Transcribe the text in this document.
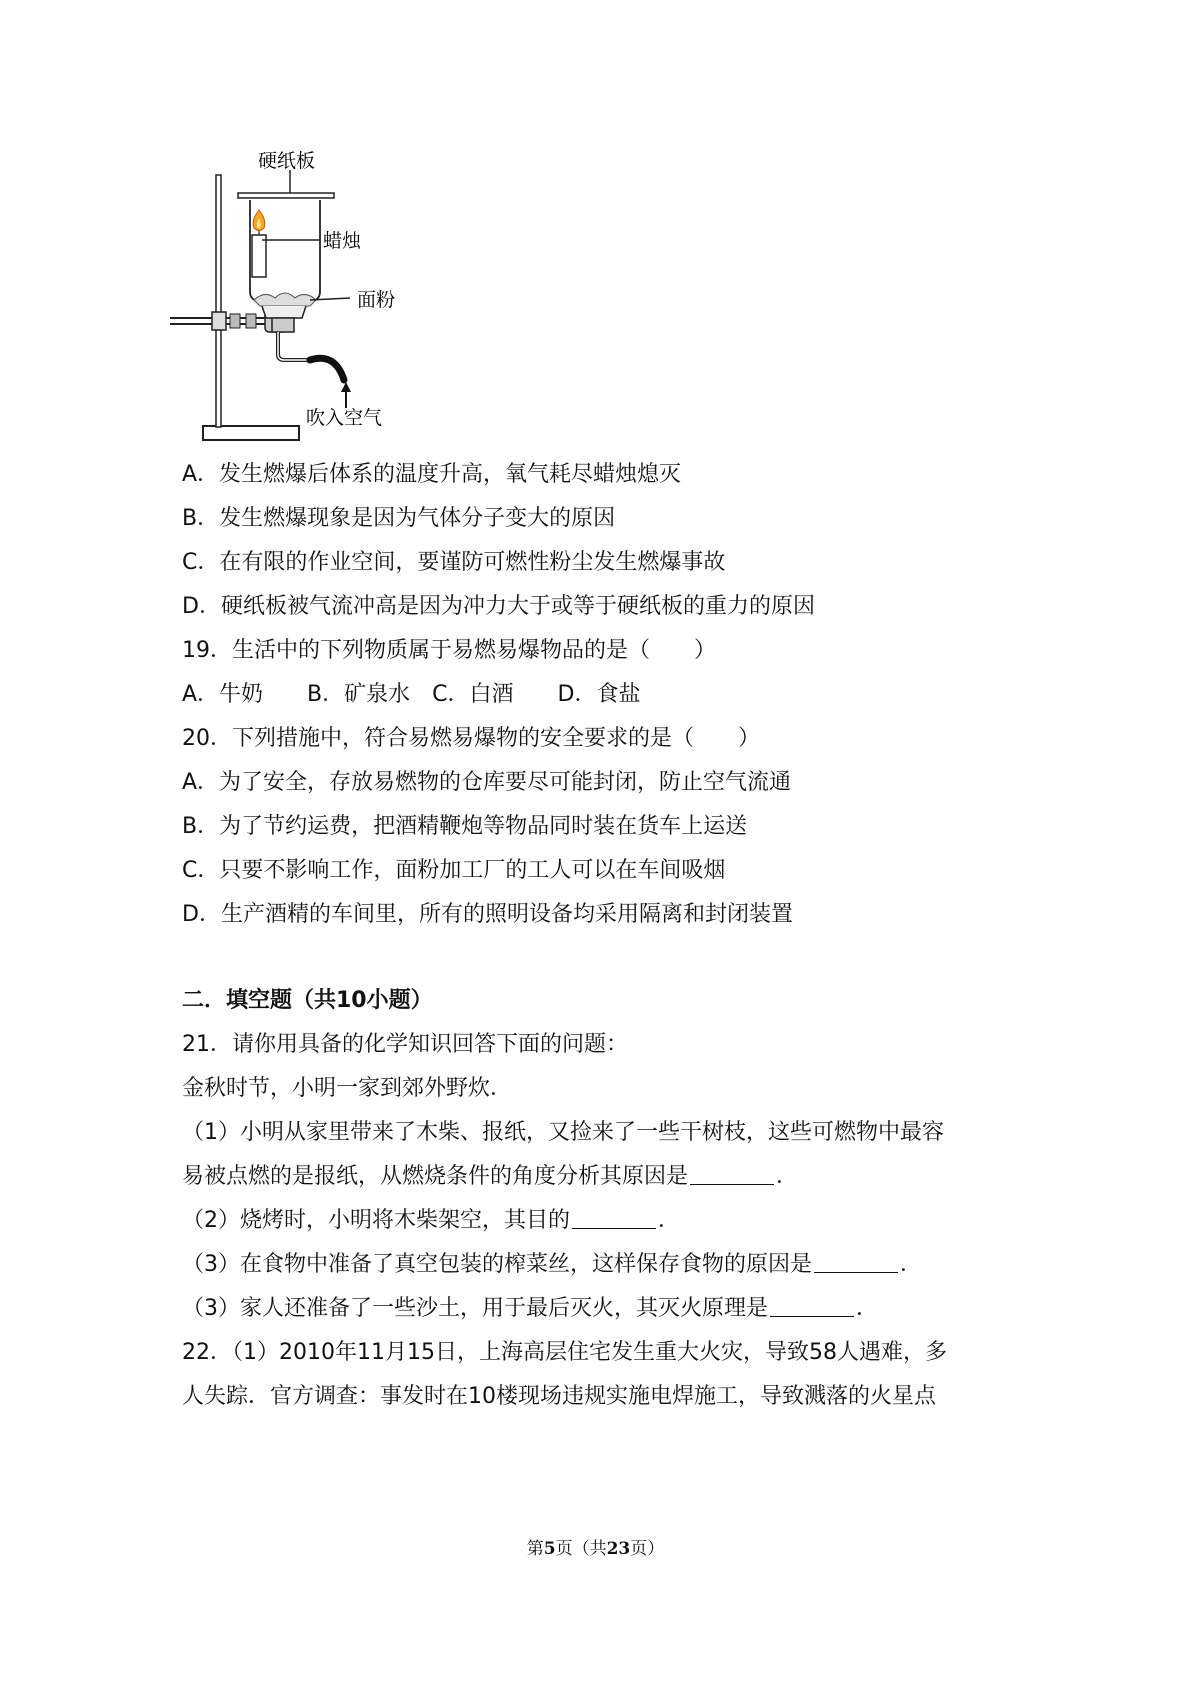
硬纸板
蜡烛
面粉
吹入空气
A．发生燃爆后体系的温度升高，氧气耗尽蜡烛熄灭
B．发生燃爆现象是因为气体分子变大的原因
C．在有限的作业空间，要谨防可燃性粉尘发生燃爆事故
D．硬纸板被气流冲高是因为冲力大于或等于硬纸板的重力的原因
19．生活中的下列物质属于易燃易爆物品的是（　　）
A．牛奶　　B．矿泉水　C．白酒　　D．食盐
20．下列措施中，符合易燃易爆物的安全要求的是（　　）
A．为了安全，存放易燃物的仓库要尽可能封闭，防止空气流通
B．为了节约运费，把酒精鞭炮等物品同时装在货车上运送
C．只要不影响工作，面粉加工厂的工人可以在车间吸烟
D．生产酒精的车间里，所有的照明设备均采用隔离和封闭装置
二．填空题（共10小题）
21．请你用具备的化学知识回答下面的问题：
金秋时节，小明一家到郊外野炊．
（1）小明从家里带来了木柴、报纸，又捡来了一些干树枝，这些可燃物中最容
易被点燃的是报纸，从燃烧条件的角度分析其原因是	．
（2）烧烤时，小明将木柴架空，其目的	．
（3）在食物中准备了真空包装的榨菜丝，这样保存食物的原因是	．
（3）家人还准备了一些沙土，用于最后灭火，其灭火原理是	．
22．（1）2010年11月15日，上海高层住宅发生重大火灾，导致58人遇难，多
人失踪．官方调查：事发时在10楼现场违规实施电焊施工，导致溅落的火星点
第5页（共23页）
